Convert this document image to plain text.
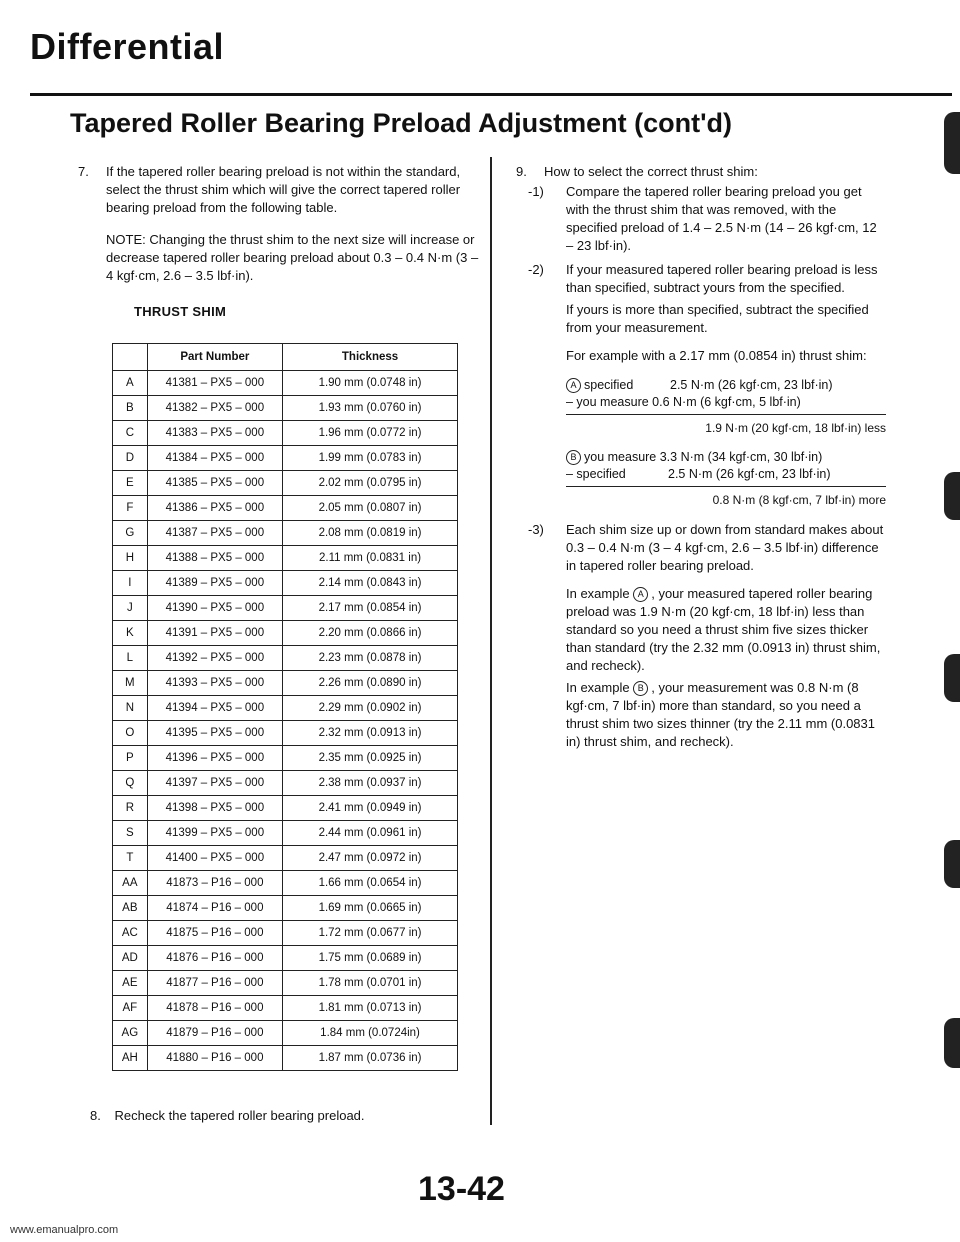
Differential
Tapered Roller Bearing Preload Adjustment (cont'd)
7. If the tapered roller bearing preload is not within the standard, select the thrust shim which will give the correct tapered roller bearing preload from the following table.

NOTE: Changing the thrust shim to the next size will increase or decrease tapered roller bearing preload about 0.3 – 0.4 N·m (3 – 4 kgf·cm, 2.6 – 3.5 lbf·in).

THRUST SHIM
	Part Number	Thickness
A	41381 – PX5 – 000	1.90 mm (0.0748 in)
B	41382 – PX5 – 000	1.93 mm (0.0760 in)
C	41383 – PX5 – 000	1.96 mm (0.0772 in)
D	41384 – PX5 – 000	1.99 mm (0.0783 in)
E	41385 – PX5 – 000	2.02 mm (0.0795 in)
F	41386 – PX5 – 000	2.05 mm (0.0807 in)
G	41387 – PX5 – 000	2.08 mm (0.0819 in)
H	41388 – PX5 – 000	2.11 mm (0.0831 in)
I	41389 – PX5 – 000	2.14 mm (0.0843 in)
J	41390 – PX5 – 000	2.17 mm (0.0854 in)
K	41391 – PX5 – 000	2.20 mm (0.0866 in)
L	41392 – PX5 – 000	2.23 mm (0.0878 in)
M	41393 – PX5 – 000	2.26 mm (0.0890 in)
N	41394 – PX5 – 000	2.29 mm (0.0902 in)
O	41395 – PX5 – 000	2.32 mm (0.0913 in)
P	41396 – PX5 – 000	2.35 mm (0.0925 in)
Q	41397 – PX5 – 000	2.38 mm (0.0937 in)
R	41398 – PX5 – 000	2.41 mm (0.0949 in)
S	41399 – PX5 – 000	2.44 mm (0.0961 in)
T	41400 – PX5 – 000	2.47 mm (0.0972 in)
AA	41873 – P16 – 000	1.66 mm (0.0654 in)
AB	41874 – P16 – 000	1.69 mm (0.0665 in)
AC	41875 – P16 – 000	1.72 mm (0.0677 in)
AD	41876 – P16 – 000	1.75 mm (0.0689 in)
AE	41877 – P16 – 000	1.78 mm (0.0701 in)
AF	41878 – P16 – 000	1.81 mm (0.0713 in)
AG	41879 – P16 – 000	1.84 mm (0.0724in)
AH	41880 – P16 – 000	1.87 mm (0.0736 in)
8. Recheck the tapered roller bearing preload.
9. How to select the correct thrust shim:
-1) Compare the tapered roller bearing preload you get with the thrust shim that was removed, with the specified preload of 1.4 – 2.5 N·m (14 – 26 kgf·cm, 12 – 23 lbf·in).

-2) If your measured tapered roller bearing preload is less than specified, subtract yours from the specified.

If yours is more than specified, subtract the specified from your measurement.

For example with a 2.17 mm (0.0854 in) thrust shim:

A specified	2.5 N·m (26 kgf·cm, 23 lbf·in)
– you measure 0.6 N·m (6 kgf·cm, 5 lbf·in)
1.9 N·m (20 kgf·cm, 18 lbf·in) less
B you measure 3.3 N·m (34 kgf·cm, 30 lbf·in)
– specified	2.5 N·m (26 kgf·cm, 23 lbf·in)
0.8 N·m (8 kgf·cm, 7 lbf·in) more
-3) Each shim size up or down from standard makes about 0.3 – 0.4 N·m (3 – 4 kgf·cm, 2.6 – 3.5 lbf·in) difference in tapered roller bearing preload.

In example A , your measured tapered roller bearing preload was 1.9 N·m (20 kgf·cm, 18 lbf·in) less than standard so you need a thrust shim five sizes thicker than standard (try the 2.32 mm (0.0913 in) thrust shim, and recheck).

In example B , your measurement was 0.8 N·m (8 kgf·cm, 7 lbf·in) more than standard, so you need a thrust shim two sizes thinner (try the 2.11 mm (0.0831 in) thrust shim, and recheck).

13-42
www.emanualpro.com
